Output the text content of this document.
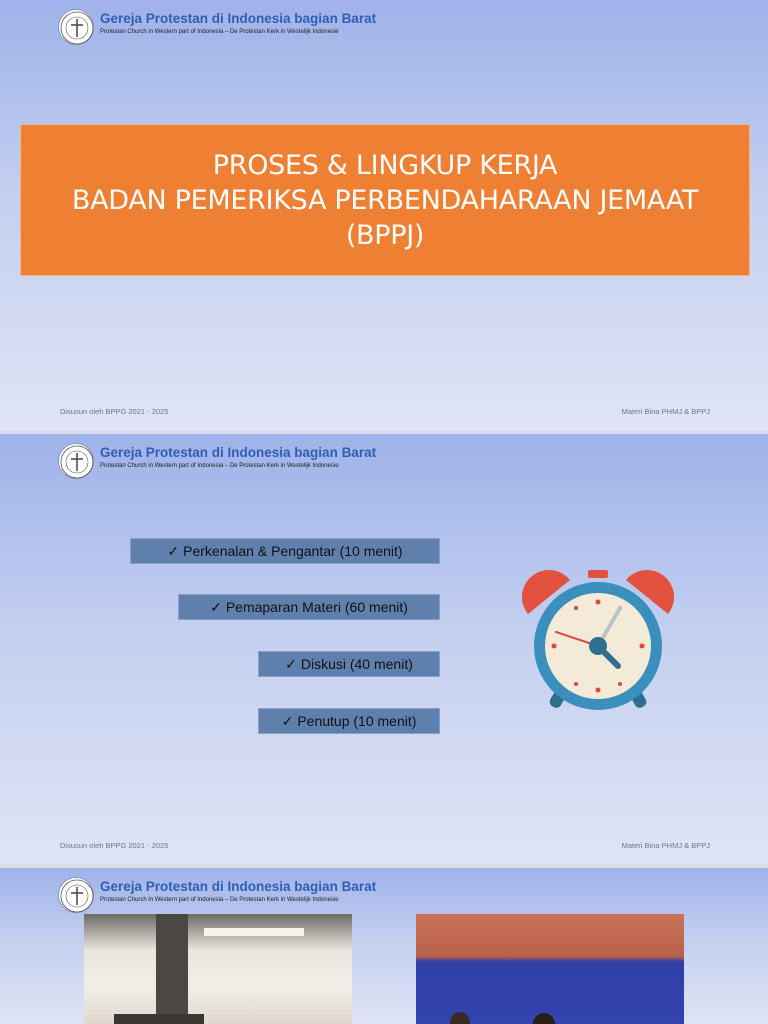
Gereja Protestan di Indonesia bagian Barat
Protestan Church in Western part of Indonesia – De Protestan Kerk in Westelijk Indonesie
PROSES & LINGKUP KERJA
BADAN PEMERIKSA PERBENDAHARAAN JEMAAT
(BPPJ)
Disusun oleh BPPG 2021 - 2025	Materi Bina PHMJ & BPPJ
Gereja Protestan di Indonesia bagian Barat
Protestan Church in Western part of Indonesia – De Protestan Kerk in Westelijk Indonesie
✓ Perkenalan & Pengantar (10 menit)
✓ Pemaparan Materi (60 menit)
✓ Diskusi (40 menit)
✓ Penutup (10 menit)
Disusun oleh BPPG 2021 - 2025	Materi Bina PHMJ & BPPJ
Gereja Protestan di Indonesia bagian Barat
Protestan Church in Western part of Indonesia – De Protestan Kerk in Westelijk Indonesie
